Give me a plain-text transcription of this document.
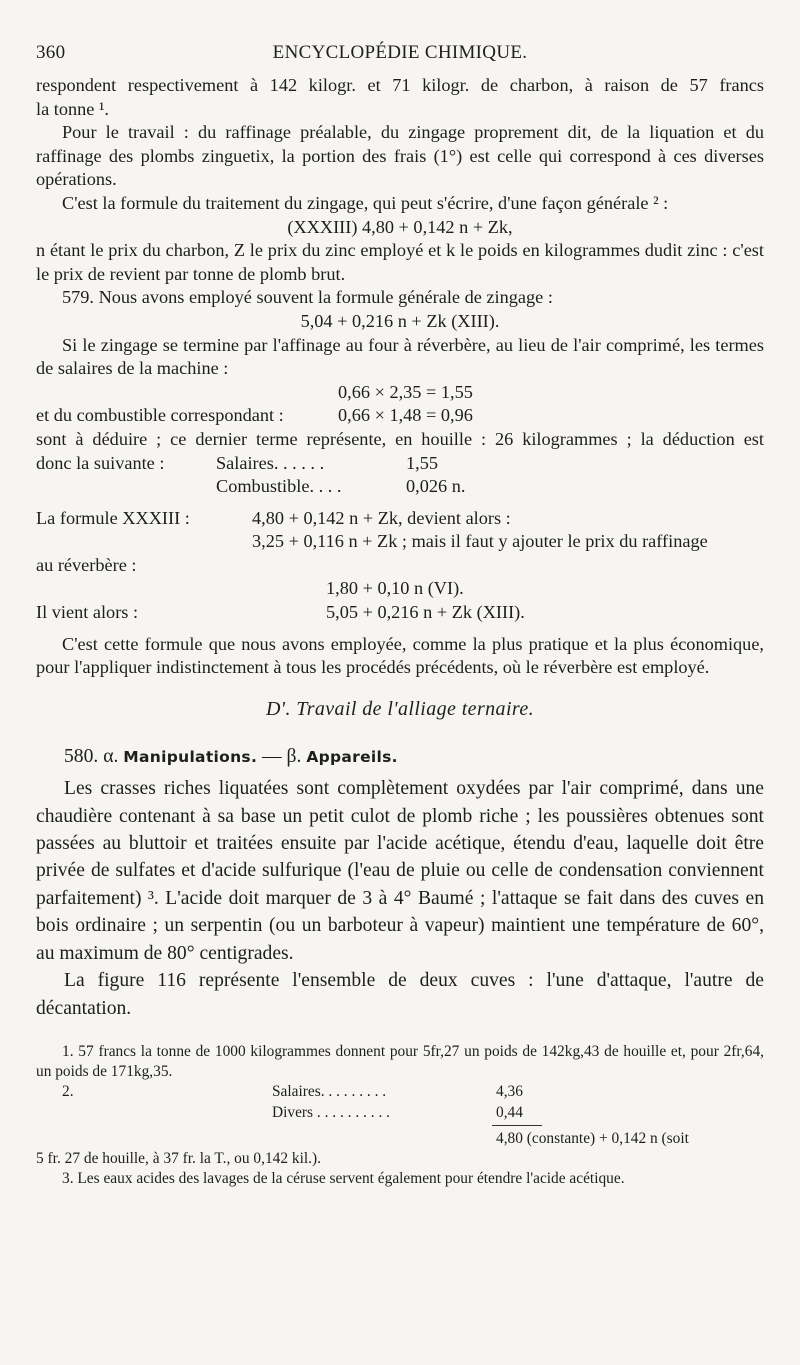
360	ENCYCLOPÉDIE CHIMIQUE.

respondent respectivement à 142 kilogr. et 71 kilogr. de charbon, à raison de 57 francs

la tonne ¹.

Pour le travail : du raffinage préalable, du zingage proprement dit, de la liquation et du raffinage des plombs zinguetix, la portion des frais (1°) est celle qui correspond à ces diverses opérations.

C'est la formule du traitement du zingage, qui peut s'écrire, d'une façon générale ² :

(XXXIII) 4,80 + 0,142 n + Zk,

n étant le prix du charbon, Z le prix du zinc employé et k le poids en kilogrammes dudit zinc : c'est le prix de revient par tonne de plomb brut.

579. Nous avons employé souvent la formule générale de zingage :

5,04 + 0,216 n + Zk (XIII).

Si le zingage se termine par l'affinage au four à réverbère, au lieu de l'air comprimé, les termes de salaires de la machine :

0,66 × 2,35 = 1,55
et du combustible correspondant :	0,66 × 1,48 = 0,96

sont à déduire ; ce dernier terme représente, en houille : 26 kilogrammes ; la déduction est

donc la suivante :	Salaires. . . . . .	1,55
Combustible. . . .	0,026 n.
La formule XXXIII :	4,80 + 0,142 n + Zk, devient alors :
3,25 + 0,116 n + Zk ; mais il faut y ajouter le prix du raffinage
au réverbère :
1,80 + 0,10 n (VI).
Il vient alors :	5,05 + 0,216 n + Zk (XIII).

C'est cette formule que nous avons employée, comme la plus pratique et la plus économique, pour l'appliquer indistinctement à tous les procédés précédents, où le réverbère est employé.

D'. Travail de l'alliage ternaire.

580. α. Manipulations. — β. Appareils.

Les crasses riches liquatées sont complètement oxydées par l'air comprimé, dans une chaudière contenant à sa base un petit culot de plomb riche ; les poussières obtenues sont passées au bluttoir et traitées ensuite par l'acide acétique, étendu d'eau, laquelle doit être privée de sulfates et d'acide sulfurique (l'eau de pluie ou celle de condensation conviennent parfaitement) ³. L'acide doit marquer de 3 à 4° Baumé ; l'attaque se fait dans des cuves en bois ordinaire ; un serpentin (ou un barboteur à vapeur) maintient une température de 60°, au maximum de 80° centigrades.

La figure 116 représente l'ensemble de deux cuves : l'une d'attaque, l'autre de décantation.

1. 57 francs la tonne de 1000 kilogrammes donnent pour 5fr,27 un poids de 142kg,43 de houille et, pour 2fr,64, un poids de 171kg,35.

2.	Salaires. . . . . . . . .	4,36
Divers . . . . . . . . . .	0,44
4,80 (constante) + 0,142 n (soit

5 fr. 27 de houille, à 37 fr. la T., ou 0,142 kil.).

3. Les eaux acides des lavages de la céruse servent également pour étendre l'acide acétique.
